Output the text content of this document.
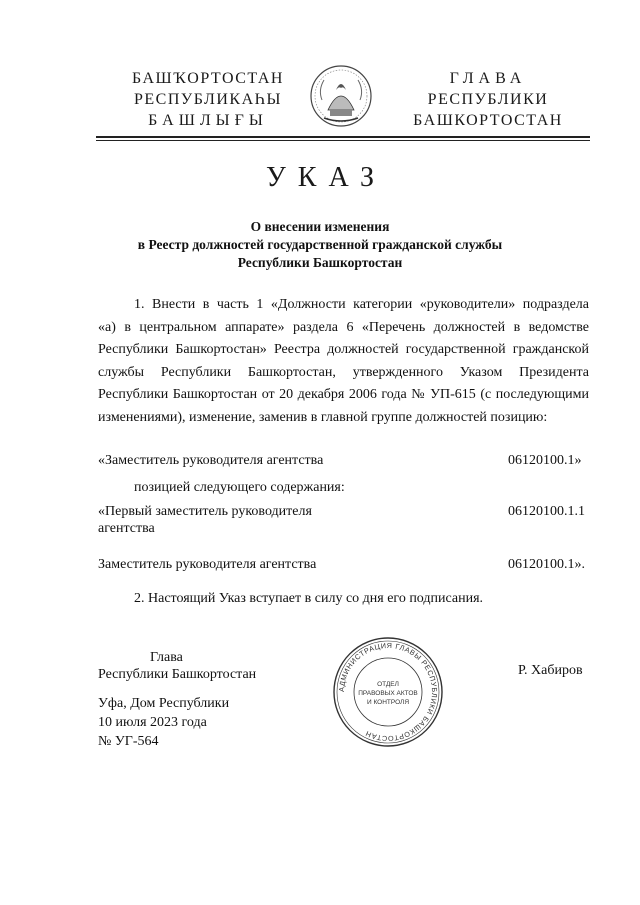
БАШҠОРТОСТАН
РЕСПУБЛИКАҺЫ
БАШЛЫҒЫ
ГЛАВА
РЕСПУБЛИКИ
БАШКОРТОСТАН
УКАЗ
О внесении изменения
в Реестр должностей государственной гражданской службы
Республики Башкортостан
1. Внести в часть 1 «Должности категории «руководители» подраздела
«а) в центральном аппарате» раздела 6 «Перечень должностей в ведомстве
Республики Башкортостан» Реестра должностей государственной гражданской
службы Республики Башкортостан, утвержденного Указом Президента
Республики Башкортостан от 20 декабря 2006 года № УП-615 (с последующими
изменениями), изменение, заменив в главной группе должностей позицию:
«Заместитель руководителя агентства	06120100.1»
позицией следующего содержания:
«Первый заместитель руководителя агентства
06120100.1.1
Заместитель руководителя агентства	06120100.1».
2. Настоящий Указ вступает в силу со дня его подписания.
Глава
Республики Башкортостан	Р. Хабиров
Уфа, Дом Республики
10 июля 2023 года
№ УГ-564
АДМИНИСТРАЦИЯ ГЛАВЫ РЕСПУБЛИКИ БАШКОРТОСТАН
ОТДЕЛ
ПРАВОВЫХ АКТОВ
И КОНТРОЛЯ
